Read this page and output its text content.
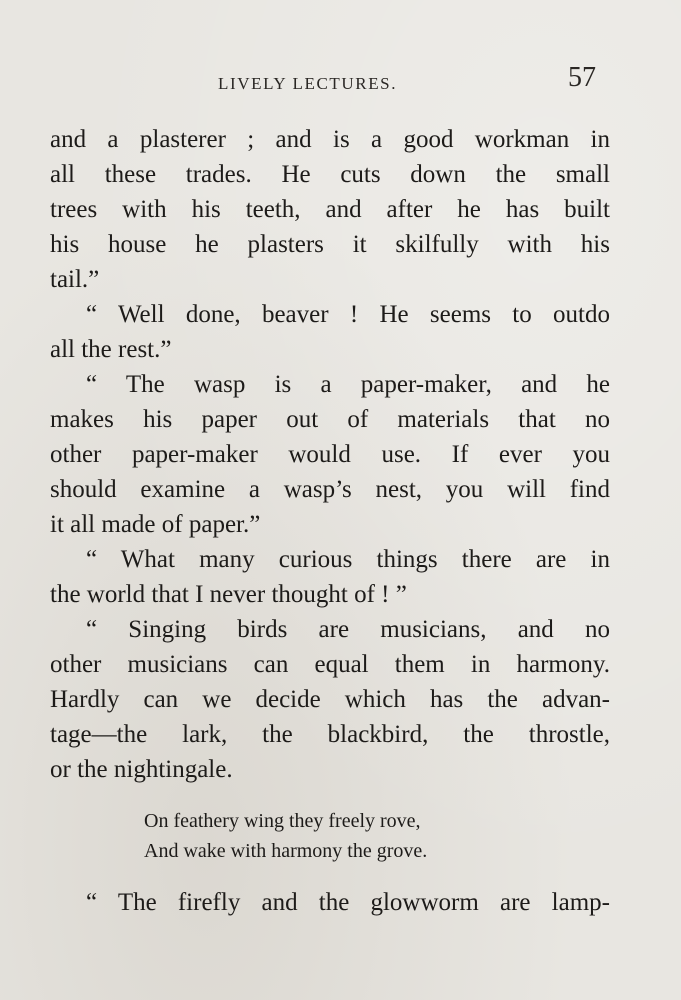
LIVELY LECTURES.	57
and a plasterer ; and is a good workman in
all these trades. He cuts down the small
trees with his teeth, and after he has built
his house he plasters it skilfully with his
tail.”
“ Well done, beaver ! He seems to outdo
all the rest.”
“ The wasp is a paper-maker, and he
makes his paper out of materials that no
other paper-maker would use. If ever you
should examine a wasp’s nest, you will find
it all made of paper.”
“ What many curious things there are in
the world that I never thought of ! ”
“ Singing birds are musicians, and no
other musicians can equal them in harmony.
Hardly can we decide which has the advan-
tage—the lark, the blackbird, the throstle,
or the nightingale.
On feathery wing they freely rove,
And wake with harmony the grove.
“ The firefly and the glowworm are lamp-
